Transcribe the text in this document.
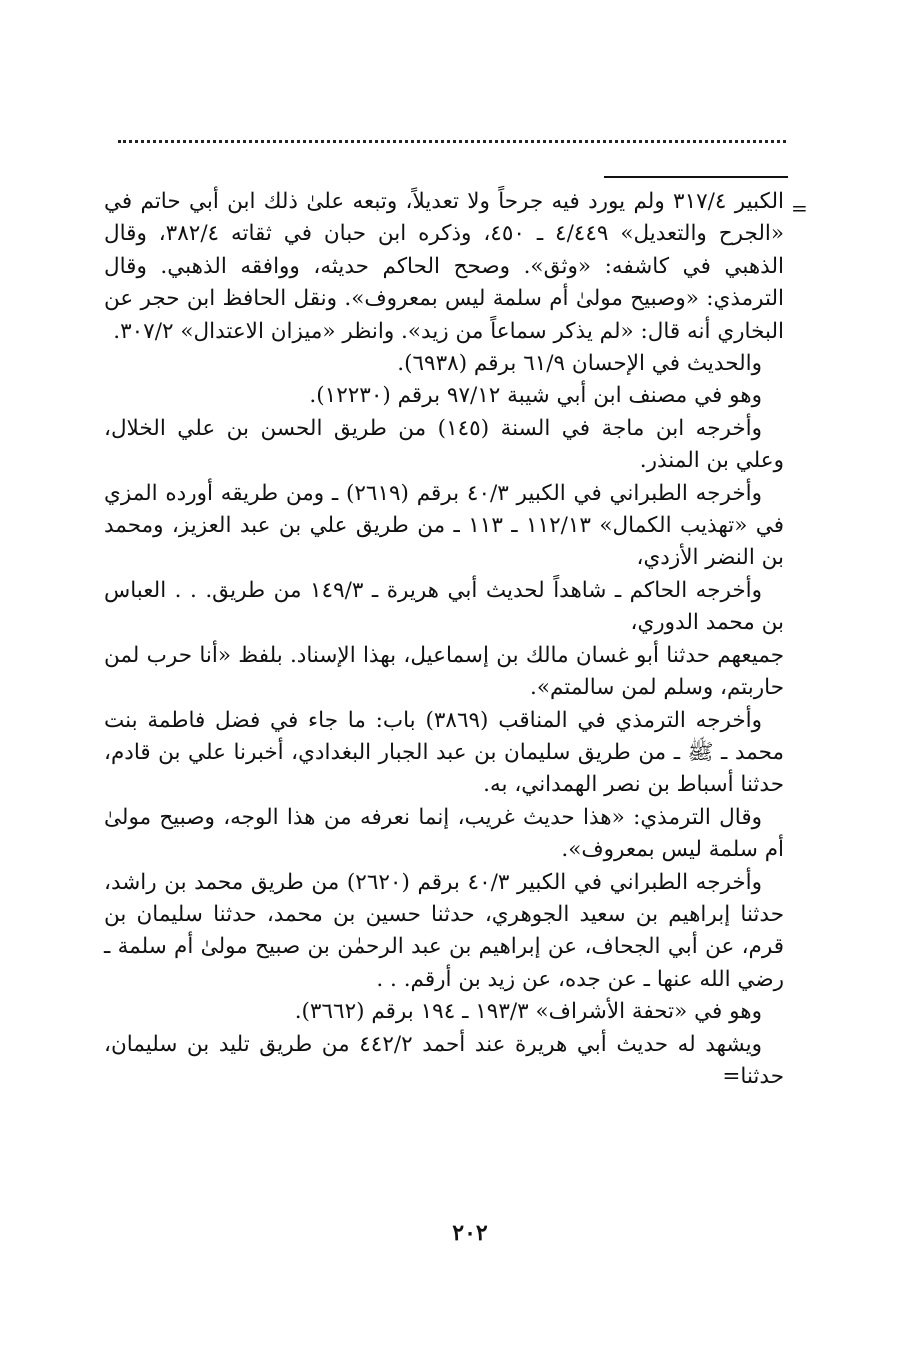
=

الكبير ٣١٧/٤ ولم يورد فيه جرحاً ولا تعديلاً، وتبعه علىٰ ذلك ابن أبي حاتم في «الجرح والتعديل» ٤/٤٤٩ ـ ٤٥٠، وذكره ابن حبان في ثقاته ٣٨٢/٤، وقال الذهبي في كاشفه: «وثق». وصحح الحاكم حديثه، ووافقه الذهبي. وقال الترمذي: «وصبيح مولىٰ أم سلمة ليس بمعروف». ونقل الحافظ ابن حجر عن البخاري أنه قال: «لم يذكر سماعاً من زيد». وانظر «ميزان الاعتدال» ٣٠٧/٢.

والحديث في الإحسان ٦١/٩ برقم (٦٩٣٨).

وهو في مصنف ابن أبي شيبة ٩٧/١٢ برقم (١٢٢٣٠).

وأخرجه ابن ماجة في السنة (١٤٥) من طريق الحسن بن علي الخلال، وعلي بن المنذر.

وأخرجه الطبراني في الكبير ٤٠/٣ برقم (٢٦١٩) ـ ومن طريقه أورده المزي في «تهذيب الكمال» ١١٢/١٣ ـ ١١٣ ـ من طريق علي بن عبد العزيز، ومحمد بن النضر الأزدي،

وأخرجه الحاكم ـ شاهداً لحديث أبي هريرة ـ ١٤٩/٣ من طريق. . . العباس بن محمد الدوري،

جميعهم حدثنا أبو غسان مالك بن إسماعيل، بهذا الإسناد. بلفظ «أنا حرب لمن حاربتم، وسلم لمن سالمتم».

وأخرجه الترمذي في المناقب (٣٨٦٩) باب: ما جاء في فضل فاطمة بنت محمد ـ ﷺ ـ من طريق سليمان بن عبد الجبار البغدادي، أخبرنا علي بن قادم، حدثنا أسباط بن نصر الهمداني، به.

وقال الترمذي: «هذا حديث غريب، إنما نعرفه من هذا الوجه، وصبيح مولىٰ أم سلمة ليس بمعروف».

وأخرجه الطبراني في الكبير ٤٠/٣ برقم (٢٦٢٠) من طريق محمد بن راشد، حدثنا إبراهيم بن سعيد الجوهري، حدثنا حسين بن محمد، حدثنا سليمان بن قرم، عن أبي الجحاف، عن إبراهيم بن عبد الرحمٰن بن صبيح مولىٰ أم سلمة ـ رضي الله عنها ـ عن جده، عن زيد بن أرقم. . .

وهو في «تحفة الأشراف» ١٩٣/٣ ـ ١٩٤ برقم (٣٦٦٢).

ويشهد له حديث أبي هريرة عند أحمد ٤٤٢/٢ من طريق تليد بن سليمان، حدثنا=

٢٠٢
